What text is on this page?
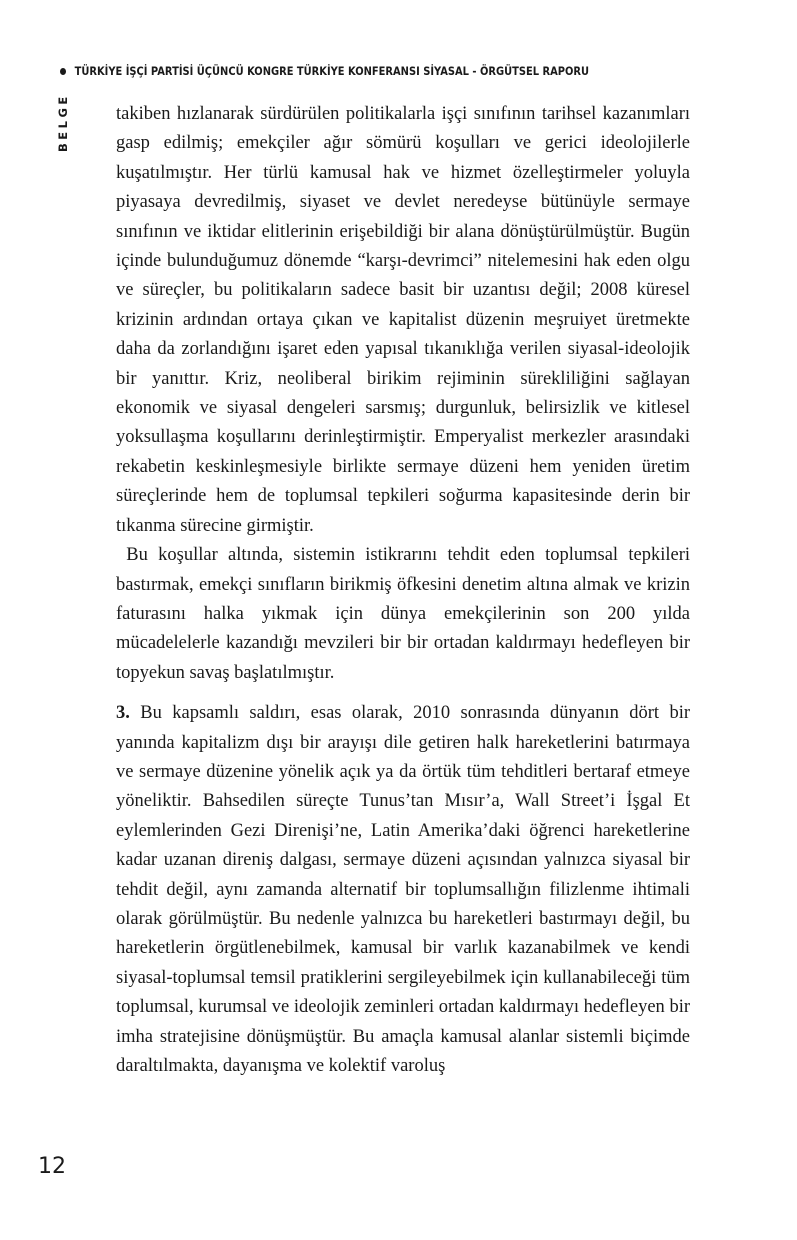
TÜRKİYE İŞÇİ PARTİSİ ÜÇÜNCÜ KONGRE TÜRKİYE KONFERANSI SİYASAL - ÖRGÜTSEL RAPORU
BELGE takiben hızlanarak sürdürülen politikalarla işçi sınıfının tarihsel kazanımları gasp edilmiş; emekçiler ağır sömürü koşulları ve gerici ideolojilerle kuşatılmıştır. Her türlü kamusal hak ve hizmet özelleştirmeler yoluyla piyasaya devredilmiş, siyaset ve devlet neredeyse bütünüyle sermaye sınıfının ve iktidar elitlerinin erişebildiği bir alana dönüştürülmüştür. Bugün içinde bulunduğumuz dönemde “karşı-devrimci” nitelemesini hak eden olgu ve süreçler, bu politikaların sadece basit bir uzantısı değil; 2008 küresel krizinin ardından ortaya çıkan ve kapitalist düzenin meşruiyet üretmekte daha da zorlandığını işaret eden yapısal tıkanıklığa verilen siyasal-ideolojik bir yanıttır. Kriz, neoliberal birikim rejiminin sürekliliğini sağlayan ekonomik ve siyasal dengeleri sarsmış; durgunluk, belirsizlik ve kitlesel yoksullaşma koşullarını derinleştirmiştir. Emperyalist merkezler arasındaki rekabetin keskinleşmesiyle birlikte sermaye düzeni hem yeniden üretim süreçlerinde hem de toplumsal tepkileri soğurma kapasitesinde derin bir tıkanma sürecine girmiştir.

Bu koşullar altında, sistemin istikrarını tehdit eden toplumsal tepkileri bastırmak, emekçi sınıfların birikmiş öfkesini denetim altına almak ve krizin faturasını halka yıkmak için dünya emekçilerinin son 200 yılda mücadelelerle kazandığı mevzileri bir bir ortadan kaldırmayı hedefleyen bir topyekun savaş başlatılmıştır.

3. Bu kapsamlı saldırı, esas olarak, 2010 sonrasında dünyanın dört bir yanında kapitalizm dışı bir arayışı dile getiren halk hareketlerini batırmaya ve sermaye düzenine yönelik açık ya da örtük tüm tehditleri bertaraf etmeye yöneliktir. Bahsedilen süreçte Tunus’tan Mısır’a, Wall Street’i İşgal Et eylemlerinden Gezi Direnişi’ne, Latin Amerika’daki öğrenci hareketlerine kadar uzanan direniş dalgası, sermaye düzeni açısından yalnızca siyasal bir tehdit değil, aynı zamanda alternatif bir toplumsallığın filizlenme ihtimali olarak görülmüştür. Bu nedenle yalnızca bu hareketleri bastırmayı değil, bu hareketlerin örgütlenebilmek, kamusal bir varlık kazanabilmek ve kendi siyasal-toplumsal temsil pratiklerini sergileyebilmek için kullanabileceği tüm toplumsal, kurumsal ve ideolojik zeminleri ortadan kaldırmayı hedefleyen bir imha stratejisine dönüşmüştür. Bu amaçla kamusal alanlar sistemli biçimde daraltılmakta, dayanışma ve kolektif varoluş

12
